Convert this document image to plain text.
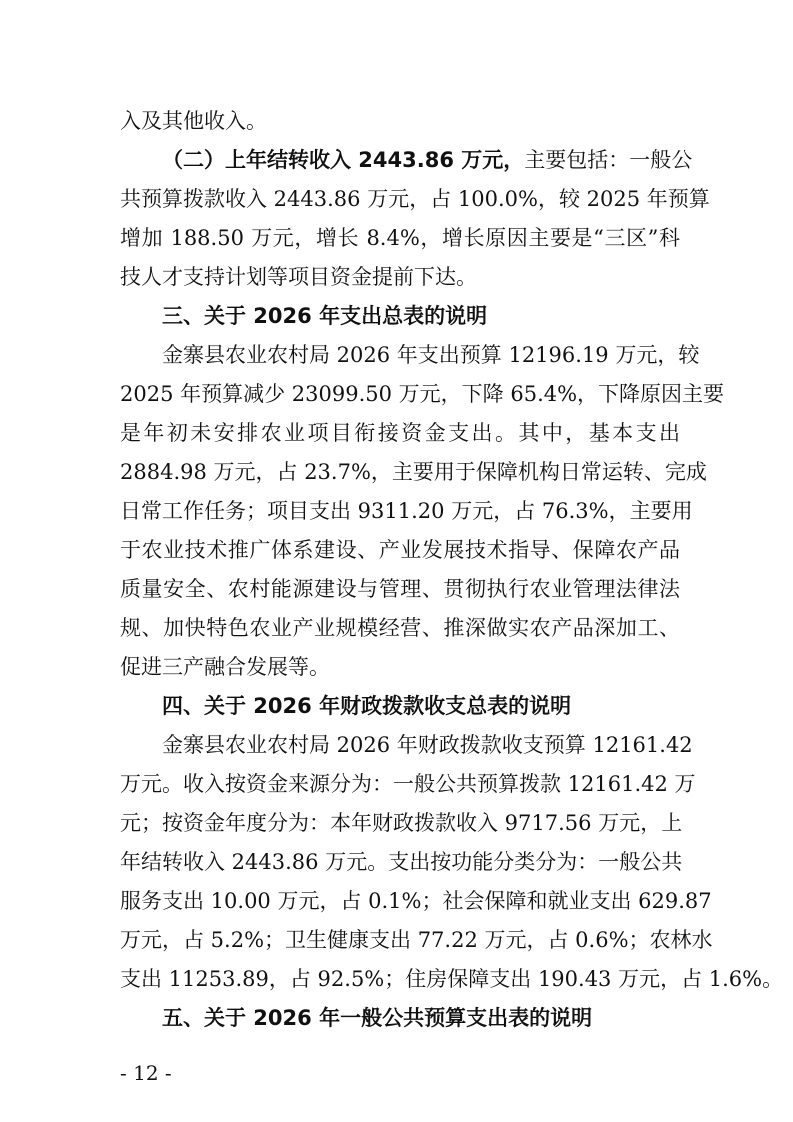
入及其他收入。
（二）上年结转收入 2443.86 万元，主要包括：一般公
共预算拨款收入 2443.86 万元，占 100.0%，较 2025 年预算
增加 188.50 万元，增长 8.4%，增长原因主要是“三区”科
技人才支持计划等项目资金提前下达。
三、关于 2026 年支出总表的说明
金寨县农业农村局 2026 年支出预算 12196.19 万元，较
2025 年预算减少 23099.50 万元，下降 65.4%，下降原因主要
是年初未安排农业项目衔接资金支出。其中，基本支出
2884.98 万元，占 23.7%，主要用于保障机构日常运转、完成
日常工作任务；项目支出 9311.20 万元，占 76.3%，主要用
于农业技术推广体系建设、产业发展技术指导、保障农产品
质量安全、农村能源建设与管理、贯彻执行农业管理法律法
规、加快特色农业产业规模经营、推深做实农产品深加工、
促进三产融合发展等。
四、关于 2026 年财政拨款收支总表的说明
金寨县农业农村局 2026 年财政拨款收支预算 12161.42
万元。收入按资金来源分为：一般公共预算拨款 12161.42 万
元；按资金年度分为：本年财政拨款收入 9717.56 万元，上
年结转收入 2443.86 万元。支出按功能分类分为：一般公共
服务支出 10.00 万元，占 0.1%；社会保障和就业支出 629.87
万元，占 5.2%；卫生健康支出 77.22 万元，占 0.6%；农林水
支出 11253.89，占 92.5%；住房保障支出 190.43 万元，占 1.6%。
五、关于 2026 年一般公共预算支出表的说明
- 12 -
